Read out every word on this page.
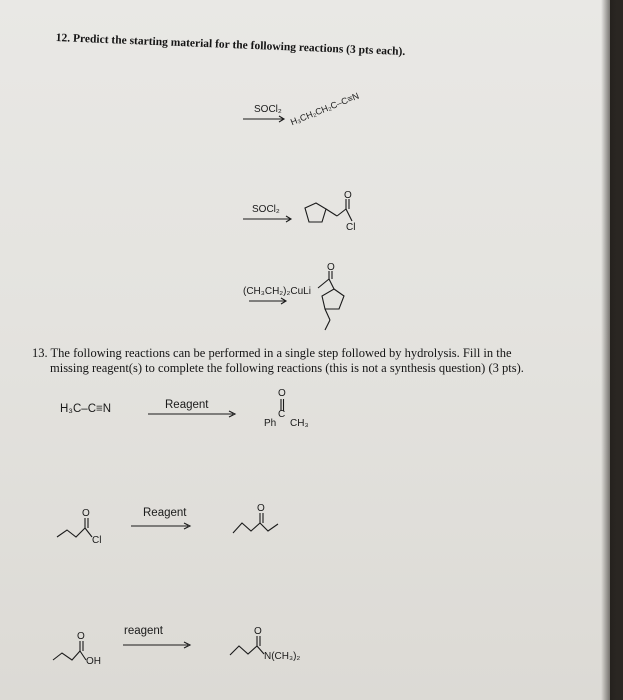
12. Predict the starting material for the following reactions (3 pts each).
SOCl₂ H₃CH₂CH₂C–C≡N
SOCl₂
O
Cl
(CH₃CH₂)₂CuLi
O
13. The following reactions can be performed in a single step followed by hydrolysis. Fill in the
missing reagent(s) to complete the following reactions (this is not a synthesis question) (3 pts).
H₃C–C≡N	Reagent
O
C
Ph CH₃
O
Cl
Reagent	O
O
OH
reagent	O
N(CH₃)₂
